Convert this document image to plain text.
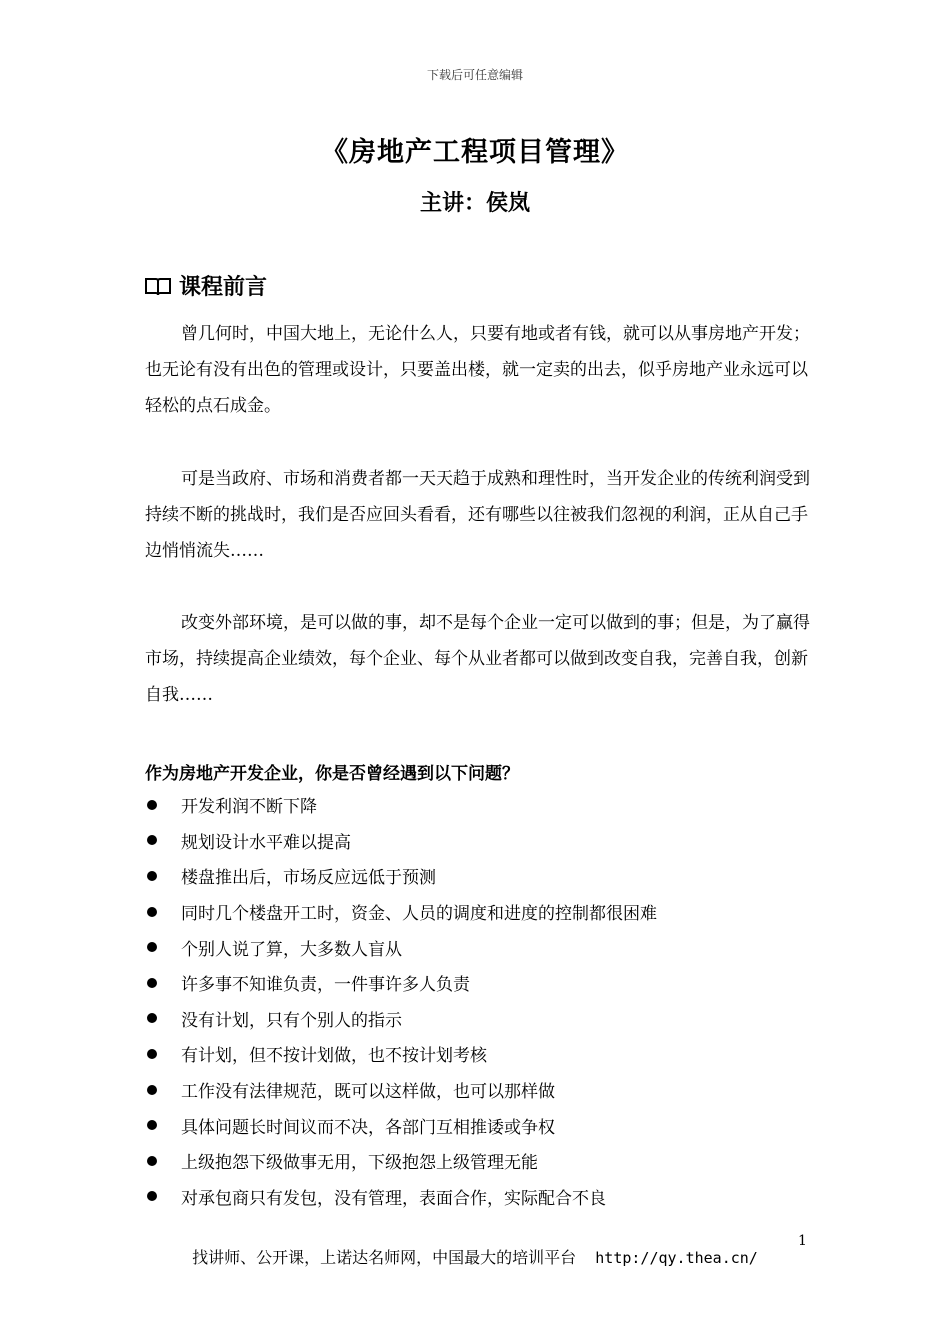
下载后可任意编辑
《房地产工程项目管理》
主讲：侯岚
课程前言
曾几何时，中国大地上，无论什么人，只要有地或者有钱，就可以从事房地产开发；也无论有没有出色的管理或设计，只要盖出楼，就一定卖的出去，似乎房地产业永远可以轻松的点石成金。
可是当政府、市场和消费者都一天天趋于成熟和理性时，当开发企业的传统利润受到持续不断的挑战时，我们是否应回头看看，还有哪些以往被我们忽视的利润，正从自己手边悄悄流失……
改变外部环境，是可以做的事，却不是每个企业一定可以做到的事；但是，为了赢得市场，持续提高企业绩效，每个企业、每个从业者都可以做到改变自我，完善自我，创新自我……
作为房地产开发企业，你是否曾经遇到以下问题？
开发利润不断下降
规划设计水平难以提高
楼盘推出后，市场反应远低于预测
同时几个楼盘开工时，资金、人员的调度和进度的控制都很困难
个别人说了算，大多数人盲从
许多事不知谁负责，一件事许多人负责
没有计划，只有个别人的指示
有计划，但不按计划做，也不按计划考核
工作没有法律规范，既可以这样做，也可以那样做
具体问题长时间议而不决，各部门互相推诿或争权
上级抱怨下级做事无用，下级抱怨上级管理无能
对承包商只有发包，没有管理，表面合作，实际配合不良
1
找讲师、公开课，上诺达名师网，中国最大的培训平台 http://qy.thea.cn/
